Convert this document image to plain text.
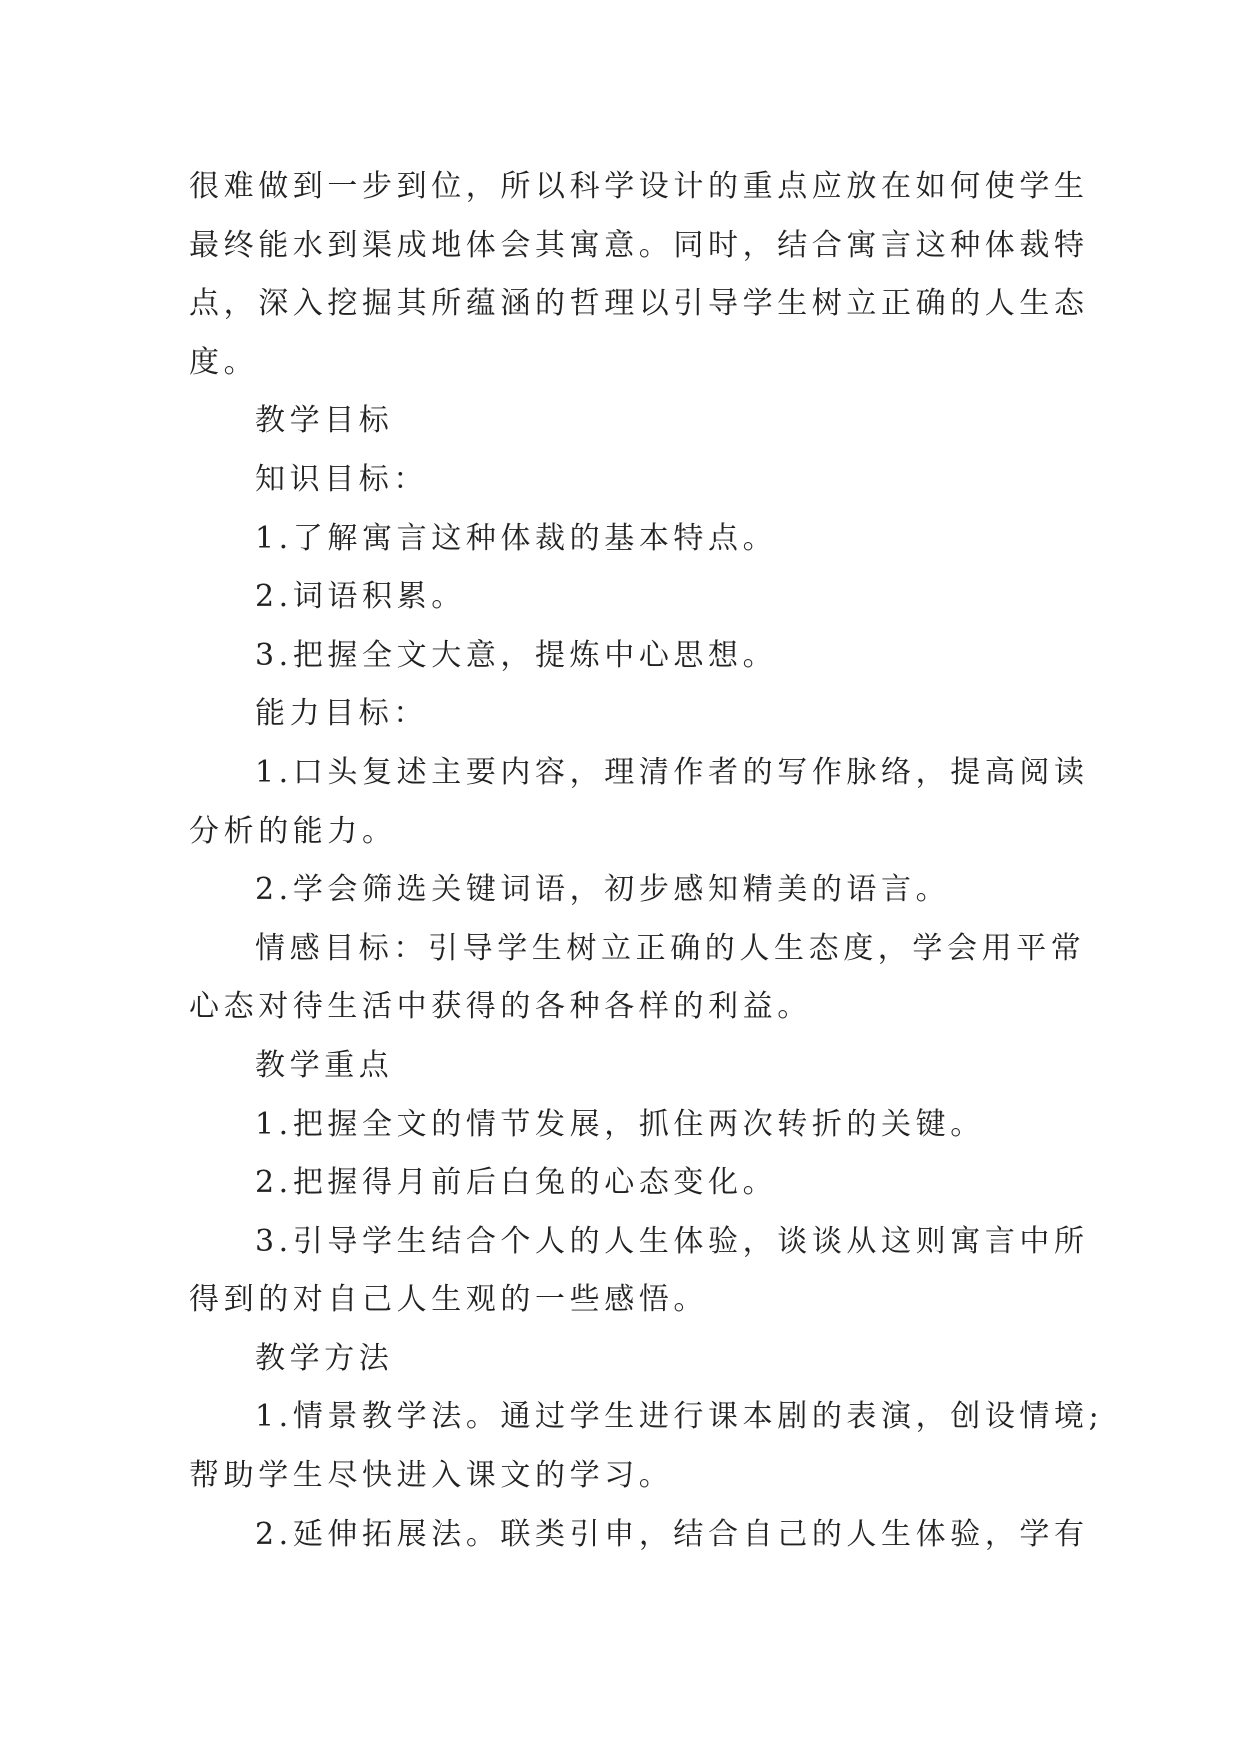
很难做到一步到位，所以科学设计的重点应放在如何使学生
最终能水到渠成地体会其寓意。同时，结合寓言这种体裁特
点，深入挖掘其所蕴涵的哲理以引导学生树立正确的人生态
度。
教学目标
知识目标：
1.了解寓言这种体裁的基本特点。
2.词语积累。
3.把握全文大意，提炼中心思想。
能力目标：
1.口头复述主要内容，理清作者的写作脉络，提高阅读
分析的能力。
2.学会筛选关键词语，初步感知精美的语言。
情感目标：引导学生树立正确的人生态度，学会用平常
心态对待生活中获得的各种各样的利益。
教学重点
1.把握全文的情节发展，抓住两次转折的关键。
2.把握得月前后白兔的心态变化。
3.引导学生结合个人的人生体验，谈谈从这则寓言中所
得到的对自己人生观的一些感悟。
教学方法
1.情景教学法。通过学生进行课本剧的表演，创设情境;
帮助学生尽快进入课文的学习。
2.延伸拓展法。联类引申，结合自己的人生体验，学有
